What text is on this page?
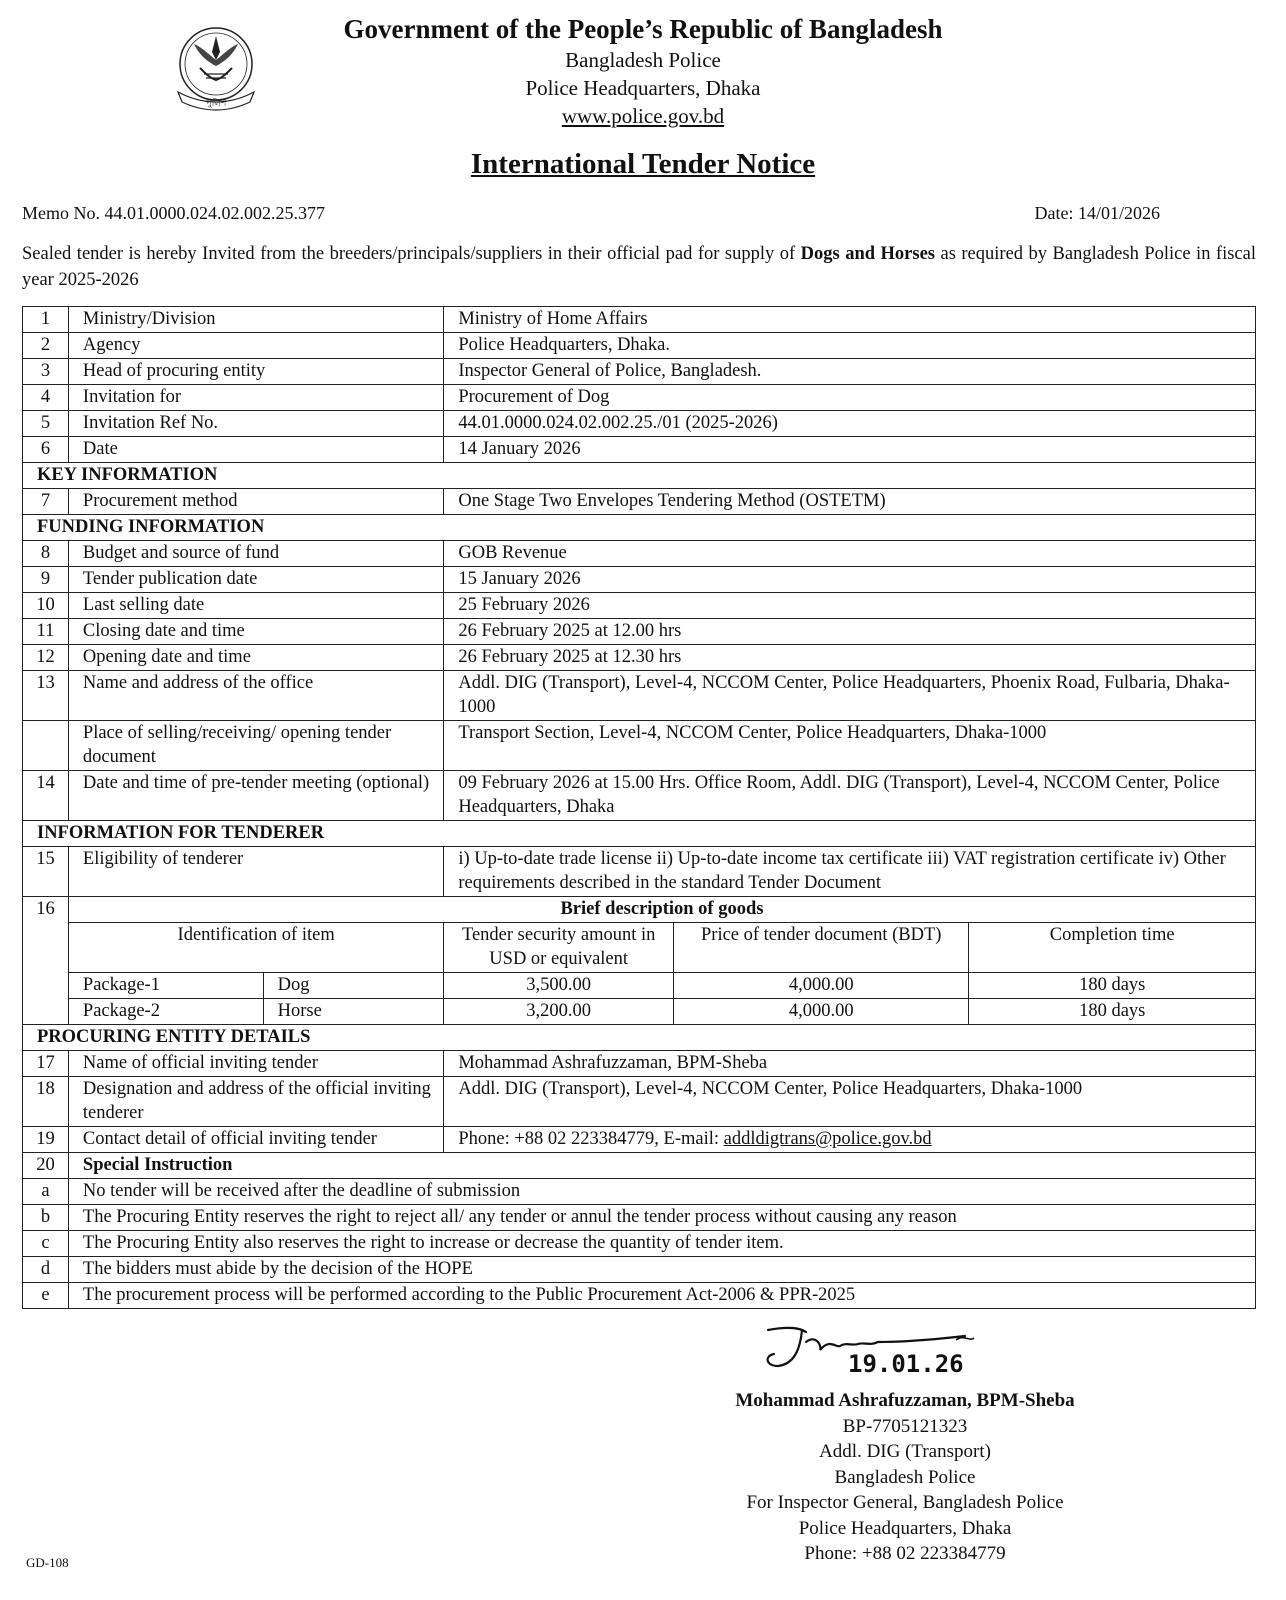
পুলিশ
Government of the People’s Republic of Bangladesh
Bangladesh Police
Police Headquarters, Dhaka
www.police.gov.bd
International Tender Notice
Memo No. 44.01.0000.024.02.002.25.377	Date: 14/01/2026
Sealed tender is hereby Invited from the breeders/principals/suppliers in their official pad for supply of Dogs and Horses as required by Bangladesh Police in fiscal year 2025-2026
1	Ministry/Division		Ministry of Home Affairs		
2	Agency		Police Headquarters, Dhaka.		
3	Head of procuring entity		Inspector General of Police, Bangladesh.		
4	Invitation for		Procurement of Dog		
5	Invitation Ref No.		44.01.0000.024.02.002.25./01 (2025-2026)		
6	Date		14 January 2026		
KEY INFORMATION					
7	Procurement method		One Stage Two Envelopes Tendering Method (OSTETM)		
FUNDING INFORMATION					
8	Budget and source of fund		GOB Revenue		
9	Tender publication date		15 January 2026		
10	Last selling date		25 February 2026		
11	Closing date and time		26 February 2025 at 12.00 hrs		
12	Opening date and time		26 February 2025 at 12.30 hrs		
13	Name and address of the office		Addl. DIG (Transport), Level-4, NCCOM Center, Police Headquarters, Phoenix Road, Fulbaria, Dhaka-1000		
	Place of selling/receiving/ opening tender document		Transport Section, Level-4, NCCOM Center, Police Headquarters, Dhaka-1000		
14	Date and time of pre-tender meeting (optional)		09 February 2026 at 15.00 Hrs. Office Room, Addl. DIG (Transport), Level-4, NCCOM Center, Police Headquarters, Dhaka		
INFORMATION FOR TENDERER					
15	Eligibility of tenderer		i) Up-to-date trade license ii) Up-to-date income tax certificate iii) VAT registration certificate iv) Other requirements described in the standard Tender Document		
16	Brief description of goods				
	Identification of item		Tender security amount in USD or equivalent	Price of tender document (BDT)	Completion time
	Package-1	Dog	3,500.00	4,000.00	180 days
	Package-2	Horse	3,200.00	4,000.00	180 days
PROCURING ENTITY DETAILS					
17	Name of official inviting tender		Mohammad Ashrafuzzaman, BPM-Sheba		
18	Designation and address of the official inviting tenderer		Addl. DIG (Transport), Level-4, NCCOM Center, Police Headquarters, Dhaka-1000		
19	Contact detail of official inviting tender		Phone: +88 02 223384779, E-mail: addldigtrans@police.gov.bd		
20	Special Instruction				
a	No tender will be received after the deadline of submission				
b	The Procuring Entity reserves the right to reject all/ any tender or annul the tender process without causing any reason				
c	The Procuring Entity also reserves the right to increase or decrease the quantity of tender item.				
d	The bidders must abide by the decision of the HOPE				
e	The procurement process will be performed according to the Public Procurement Act-2006 & PPR-2025				
19.01.26
Mohammad Ashrafuzzaman, BPM-Sheba
BP-7705121323
Addl. DIG (Transport)
Bangladesh Police
For Inspector General, Bangladesh Police
Police Headquarters, Dhaka
Phone: +88 02 223384779
GD-108
